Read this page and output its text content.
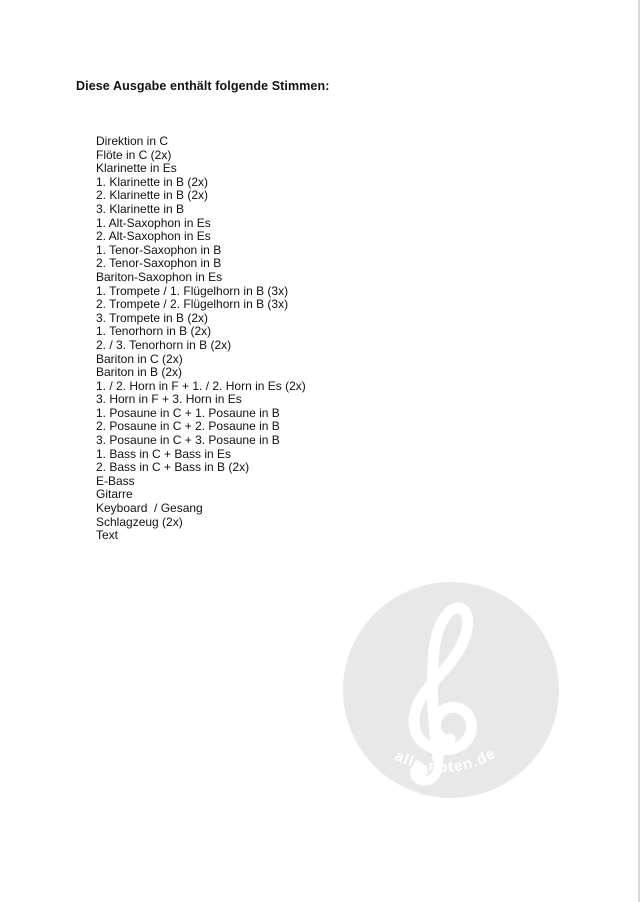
Diese Ausgabe enthält folgende Stimmen:
Direktion in C
Flöte in C (2x)
Klarinette in Es
1. Klarinette in B (2x)
2. Klarinette in B (2x)
3. Klarinette in B
1. Alt-Saxophon in Es
2. Alt-Saxophon in Es
1. Tenor-Saxophon in B
2. Tenor-Saxophon in B
Bariton-Saxophon in Es
1. Trompete / 1. Flügelhorn in B (3x)
2. Trompete / 2. Flügelhorn in B (3x)
3. Trompete in B (2x)
1. Tenorhorn in B (2x)
2. / 3. Tenorhorn in B (2x)
Bariton in C (2x)
Bariton in B (2x)
1. / 2. Horn in F + 1. / 2. Horn in Es (2x)
3. Horn in F + 3. Horn in Es
1. Posaune in C + 1. Posaune in B
2. Posaune in C + 2. Posaune in B
3. Posaune in C + 3. Posaune in B
1. Bass in C + Bass in Es
2. Bass in C + Bass in B (2x)
E-Bass
Gitarre
Keyboard  / Gesang
Schlagzeug (2x)
Text
alle-noten.de
